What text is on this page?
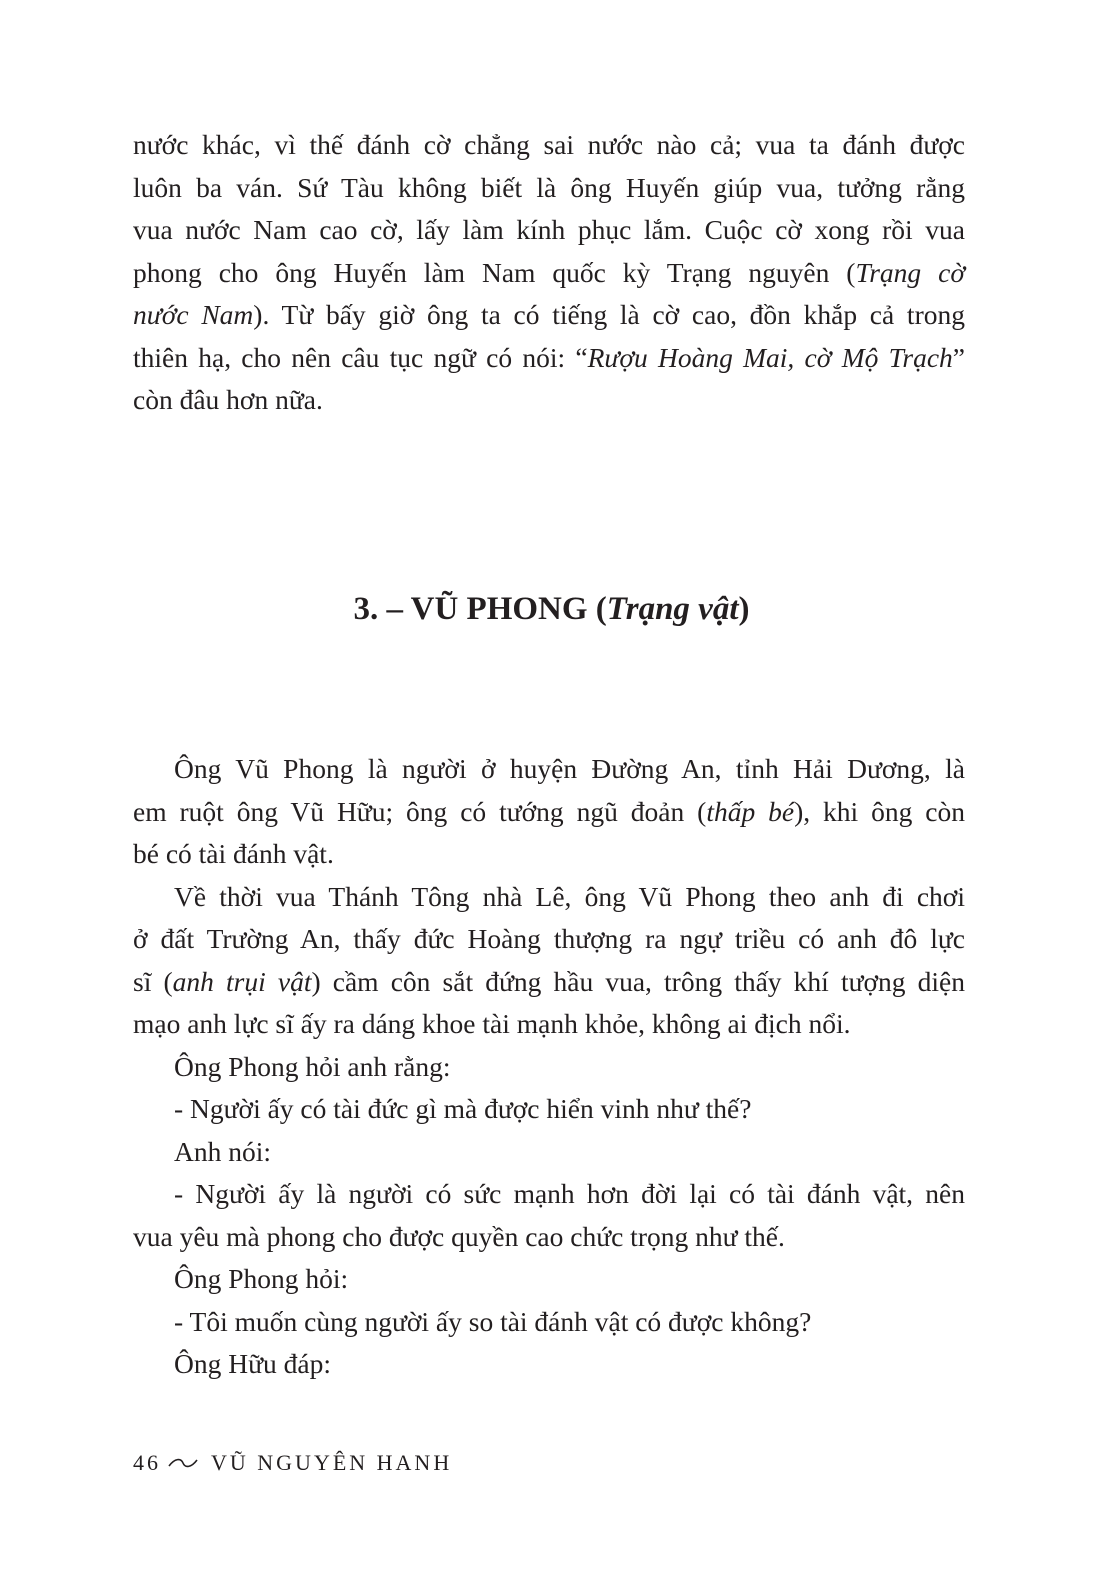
nước khác, vì thế đánh cờ chẳng sai nước nào cả; vua ta đánh được

luôn ba ván. Sứ Tàu không biết là ông Huyến giúp vua, tưởng rằng

vua nước Nam cao cờ, lấy làm kính phục lắm. Cuộc cờ xong rồi vua

phong cho ông Huyến làm Nam quốc kỳ Trạng nguyên (Trạng cờ

nước Nam). Từ bấy giờ ông ta có tiếng là cờ cao, đồn khắp cả trong

thiên hạ, cho nên câu tục ngữ có nói: “Rượu Hoàng Mai, cờ Mộ Trạch”

còn đâu hơn nữa.

3. – VŨ PHONG (Trạng vật)

Ông Vũ Phong là người ở huyện Đường An, tỉnh Hải Dương, là

em ruột ông Vũ Hữu; ông có tướng ngũ đoản (thấp bé), khi ông còn

bé có tài đánh vật.

Về thời vua Thánh Tông nhà Lê, ông Vũ Phong theo anh đi chơi

ở đất Trường An, thấy đức Hoàng thượng ra ngự triều có anh đô lực

sĩ (anh trụi vật) cầm côn sắt đứng hầu vua, trông thấy khí tượng diện

mạo anh lực sĩ ấy ra dáng khoe tài mạnh khỏe, không ai địch nổi.

Ông Phong hỏi anh rằng:

- Người ấy có tài đức gì mà được hiển vinh như thế?

Anh nói:

- Người ấy là người có sức mạnh hơn đời lại có tài đánh vật, nên

vua yêu mà phong cho được quyền cao chức trọng như thế.

Ông Phong hỏi:

- Tôi muốn cùng người ấy so tài đánh vật có được không?

Ông Hữu đáp:

46 VŨ NGUYÊN HANH
